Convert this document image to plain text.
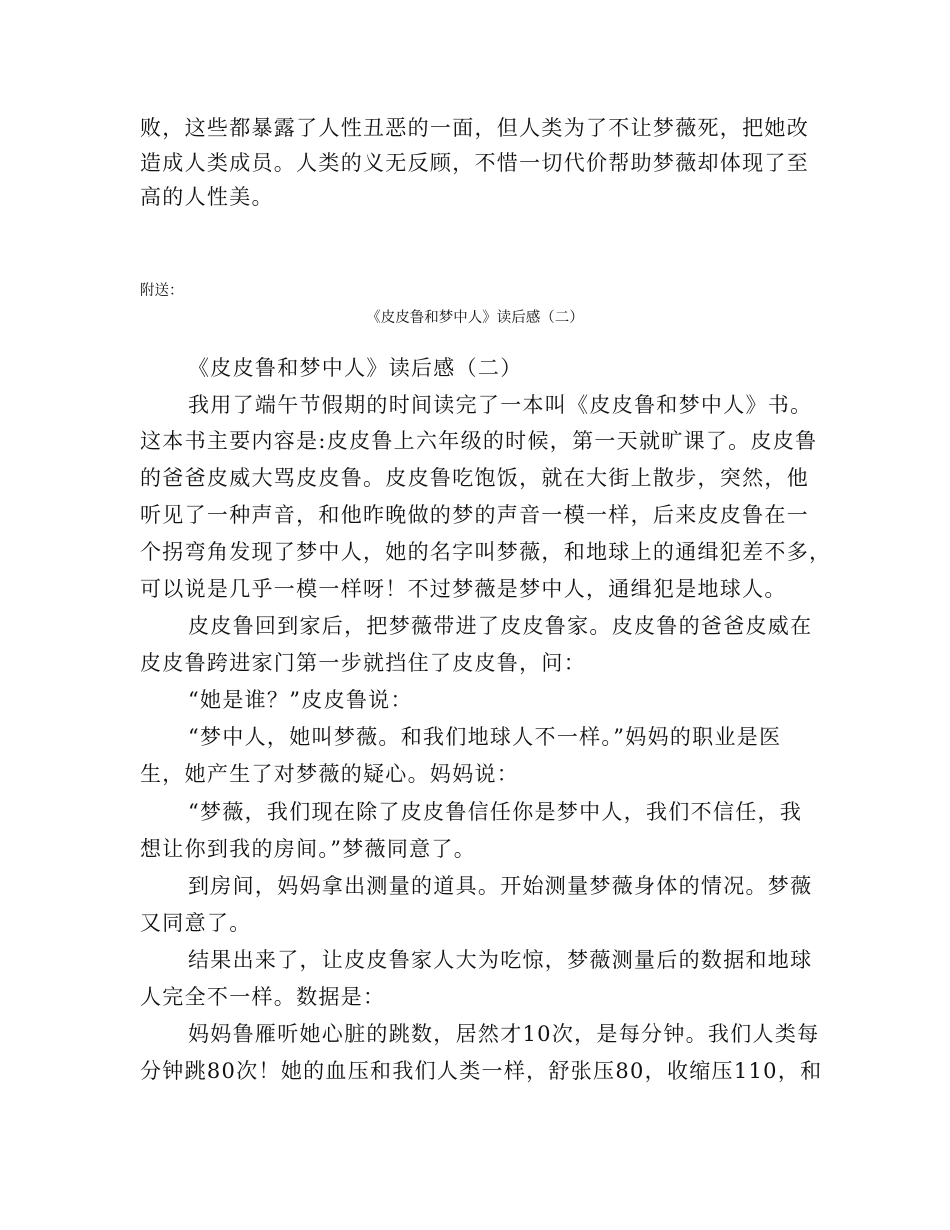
败，这些都暴露了人性丑恶的一面，但人类为了不让梦薇死，把她改
造成人类成员。人类的义无反顾，不惜一切代价帮助梦薇却体现了至
高的人性美。
附送：
《皮皮鲁和梦中人》读后感（二）
《皮皮鲁和梦中人》读后感（二）
我用了端午节假期的时间读完了一本叫《皮皮鲁和梦中人》书。
这本书主要内容是:皮皮鲁上六年级的时候，第一天就旷课了。皮皮鲁
的爸爸皮威大骂皮皮鲁。皮皮鲁吃饱饭，就在大街上散步，突然，他
听见了一种声音，和他昨晚做的梦的声音一模一样，后来皮皮鲁在一
个拐弯角发现了梦中人，她的名字叫梦薇，和地球上的通缉犯差不多，
可以说是几乎一模一样呀！不过梦薇是梦中人，通缉犯是地球人。
皮皮鲁回到家后，把梦薇带进了皮皮鲁家。皮皮鲁的爸爸皮威在
皮皮鲁跨进家门第一步就挡住了皮皮鲁，问：
“她是谁？”皮皮鲁说：
“梦中人，她叫梦薇。和我们地球人不一样。”妈妈的职业是医
生，她产生了对梦薇的疑心。妈妈说：
“梦薇，我们现在除了皮皮鲁信任你是梦中人，我们不信任，我
想让你到我的房间。”梦薇同意了。
到房间，妈妈拿出测量的道具。开始测量梦薇身体的情况。梦薇
又同意了。
结果出来了，让皮皮鲁家人大为吃惊，梦薇测量后的数据和地球
人完全不一样。数据是：
妈妈鲁雁听她心脏的跳数，居然才10次，是每分钟。我们人类每
分钟跳80次！她的血压和我们人类一样，舒张压80，收缩压110，和
